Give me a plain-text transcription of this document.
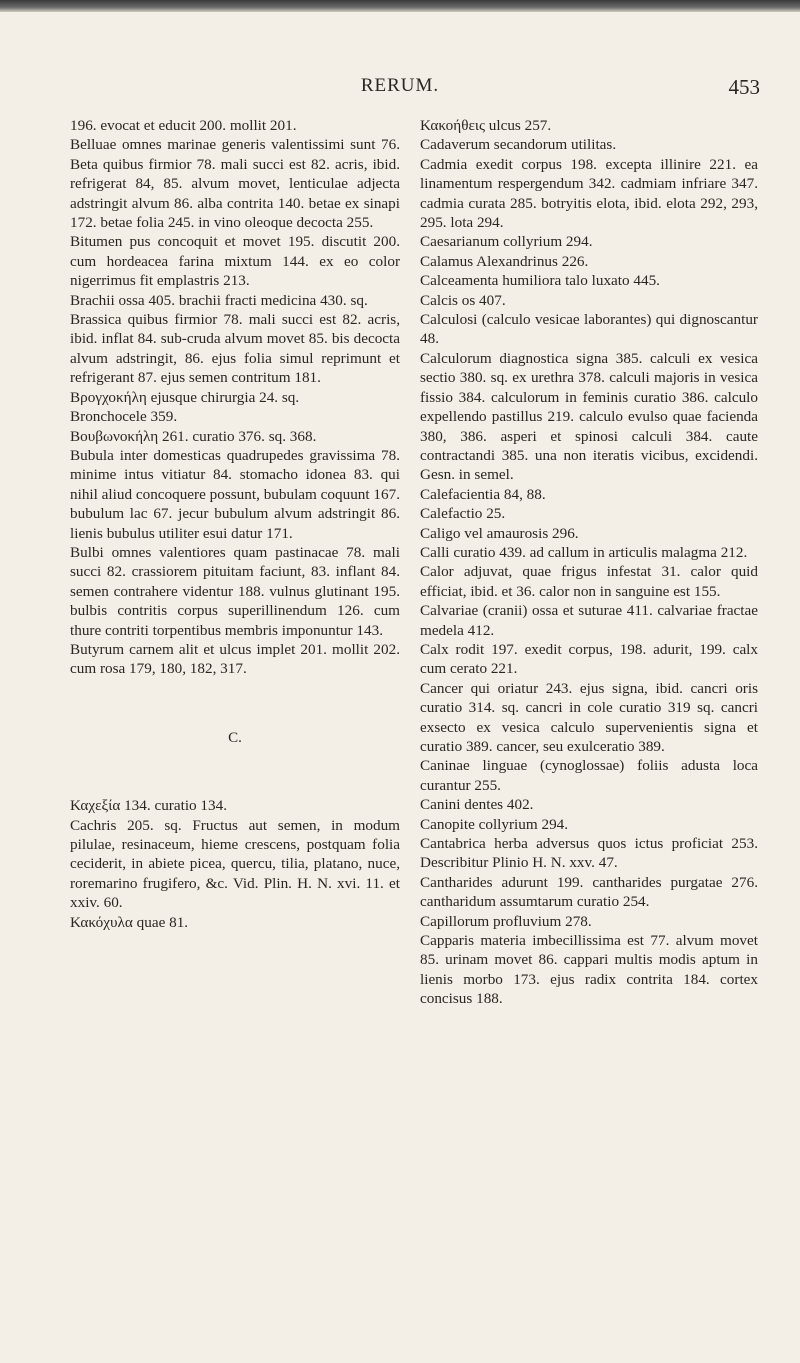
RERUM.	453

196. evocat et educit 200. mollit 201.

Belluae omnes marinae generis valentissimi sunt 76. Beta quibus firmior 78. mali succi est 82. acris, ibid. refrigerat 84, 85. alvum movet, lenticulae adjecta adstringit alvum 86. alba contrita 140. betae ex sinapi 172. betae folia 245. in vino oleoque decocta 255.

Bitumen pus concoquit et movet 195. discutit 200. cum hordeacea farina mixtum 144. ex eo color nigerrimus fit emplastris 213.

Brachii ossa 405. brachii fracti medicina 430. sq.

Brassica quibus firmior 78. mali succi est 82. acris, ibid. inflat 84. sub-cruda alvum movet 85. bis decocta alvum adstringit, 86. ejus folia simul reprimunt et refrigerant 87. ejus semen contritum 181.

Βρογχοκήλη ejusque chirurgia 24. sq.

Bronchocele 359.

Βουβωνοκήλη 261. curatio 376. sq. 368.

Bubula inter domesticas quadrupedes gravissima 78. minime intus vitiatur 84. stomacho idonea 83. qui nihil aliud concoquere possunt, bubulam coquunt 167. bubulum lac 67. jecur bubulum alvum adstringit 86. lienis bubulus utiliter esui datur 171.

Bulbi omnes valentiores quam pastinacae 78. mali succi 82. crassiorem pituitam faciunt, 83. inflant 84. semen contrahere videntur 188. vulnus glutinant 195. bulbis contritis corpus superillinendum 126. cum thure contriti torpentibus membris imponuntur 143.

Butyrum carnem alit et ulcus implet 201. mollit 202. cum rosa 179, 180, 182, 317.

C.

Καχεξία 134. curatio 134.

Cachris 205. sq. Fructus aut semen, in modum pilulae, resinaceum, hieme crescens, postquam folia ceciderit, in abiete picea, quercu, tilia, platano, nuce, roremarino frugifero, &c. Vid. Plin. H. N. xvi. 11. et xxiv. 60.

Κακόχυλα quae 81.

Κακοήθεις ulcus 257.

Cadaverum secandorum utilitas.

Cadmia exedit corpus 198. excepta illinire 221. ea linamentum respergendum 342. cadmiam infriare 347. cadmia curata 285. botryitis elota, ibid. elota 292, 293, 295. lota 294.

Caesarianum collyrium 294.

Calamus Alexandrinus 226.

Calceamenta humiliora talo luxato 445.

Calcis os 407.

Calculosi (calculo vesicae laborantes) qui dignoscantur 48.

Calculorum diagnostica signa 385. calculi ex vesica sectio 380. sq. ex urethra 378. calculi majoris in vesica fissio 384. calculorum in feminis curatio 386. calculo expellendo pastillus 219. calculo evulso quae facienda 380, 386. asperi et spinosi calculi 384. caute contractandi 385. una non iteratis vicibus, excidendi. Gesn. in semel.

Calefacientia 84, 88.

Calefactio 25.

Caligo vel amaurosis 296.

Calli curatio 439. ad callum in articulis malagma 212.

Calor adjuvat, quae frigus infestat 31. calor quid efficiat, ibid. et 36. calor non in sanguine est 155.

Calvariae (cranii) ossa et suturae 411. calvariae fractae medela 412.

Calx rodit 197. exedit corpus, 198. adurit, 199. calx cum cerato 221.

Cancer qui oriatur 243. ejus signa, ibid. cancri oris curatio 314. sq. cancri in cole curatio 319 sq. cancri exsecto ex vesica calculo supervenientis signa et curatio 389. cancer, seu exulceratio 389.

Caninae linguae (cynoglossae) foliis adusta loca curantur 255.

Canini dentes 402.

Canopite collyrium 294.

Cantabrica herba adversus quos ictus proficiat 253. Describitur Plinio H. N. xxv. 47.

Cantharides adurunt 199. cantharides purgatae 276. cantharidum assumtarum curatio 254.

Capillorum profluvium 278.

Capparis materia imbecillissima est 77. alvum movet 85. urinam movet 86. cappari multis modis aptum in lienis morbo 173. ejus radix contrita 184. cortex concisus 188.
